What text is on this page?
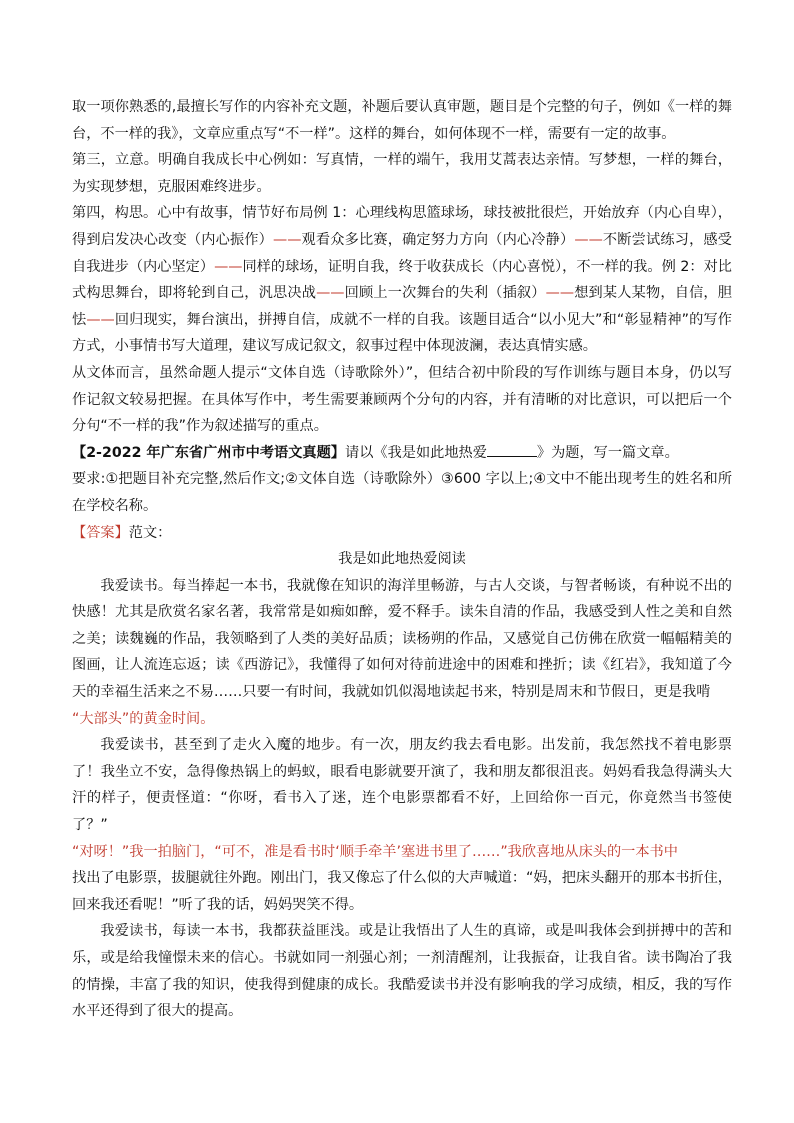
取一项你熟悉的,最擅长写作的内容补充文题，补题后要认真审题，题目是个完整的句子，例如《一样的舞台，不一样的我》，文章应重点写“不一样”。这样的舞台，如何体现不一样，需要有一定的故事。

第三，立意。明确自我成长中心例如：写真情，一样的端午，我用艾蒿表达亲情。写梦想，一样的舞台，为实现梦想，克服困难终进步。

第四，构思。心中有故事，情节好布局例 1：心理线构思篮球场，球技被批很烂，开始放弃（内心自卑），得到启发决心改变（内心振作）——观看众多比赛，确定努力方向（内心冷静）——不断尝试练习，感受自我进步（内心坚定）——同样的球场，证明自我，终于收获成长（内心喜悦），不一样的我。例 2：对比式构思舞台，即将轮到自己，汎思决战——回顾上一次舞台的失利（插叙）——想到某人某物，自信，胆怯——回归现实，舞台演出，拼搏自信，成就不一样的自我。该题目适合“以小见大”和“彰显精神”的写作方式，小事情书写大道理，建议写成记叙文，叙事过程中体现波澜，表达真情实感。

从文体而言，虽然命题人提示“文体自选（诗歌除外）”，但结合初中阶段的写作训练与题目本身，仍以写作记叙文较易把握。在具体写作中，考生需要兼顾两个分句的内容，并有清晰的对比意识，可以把后一个分句“不一样的我”作为叙述描写的重点。

【2-2022 年广东省广州市中考语文真题】请以《我是如此地热爱	》为题，写一篇文章。

要求:①把题目补充完整,然后作文;②文体自选（诗歌除外）③600 字以上;④文中不能出现考生的姓名和所在学校名称。

【答案】范文：

我是如此地热爱阅读

我爱读书。每当捧起一本书，我就像在知识的海洋里畅游，与古人交谈，与智者畅谈，有种说不出的快感！尤其是欣赏名家名著，我常常是如痴如醉，爱不释手。读朱自清的作品，我感受到人性之美和自然之美；读魏巍的作品，我领略到了人类的美好品质；读杨朔的作品，又感觉自己仿佛在欣赏一幅幅精美的图画，让人流连忘返；读《西游记》，我懂得了如何对待前进途中的困难和挫折；读《红岩》，我知道了今天的幸福生活来之不易……只要一有时间，我就如饥似渴地读起书来，特别是周末和节假日，更是我啃

“大部头”的黄金时间。

我爱读书，甚至到了走火入魔的地步。有一次，朋友约我去看电影。出发前，我怎然找不着电影票了！我坐立不安，急得像热锅上的蚂蚁，眼看电影就要开演了，我和朋友都很沮丧。妈妈看我急得满头大汗的样子，便责怪道：“你呀，看书入了迷，连个电影票都看不好，上回给你一百元，你竟然当书签使了？”

“对呀！”我一拍脑门，“可不，准是看书时‘顺手牵羊’塞进书里了……”我欣喜地从床头的一本书中

找出了电影票，拔腿就往外跑。刚出门，我又像忘了什么似的大声喊道：“妈，把床头翻开的那本书折住，回来我还看呢！”听了我的话，妈妈哭笑不得。

我爱读书，每读一本书，我都获益匪浅。或是让我悟出了人生的真谛，或是叫我体会到拼搏中的苦和乐，或是给我憧憬未来的信心。书就如同一剂强心剂；一剂清醒剂，让我振奋，让我自省。读书陶冶了我的情操，丰富了我的知识，使我得到健康的成长。我酷爱读书并没有影响我的学习成绩，相反，我的写作水平还得到了很大的提高。
